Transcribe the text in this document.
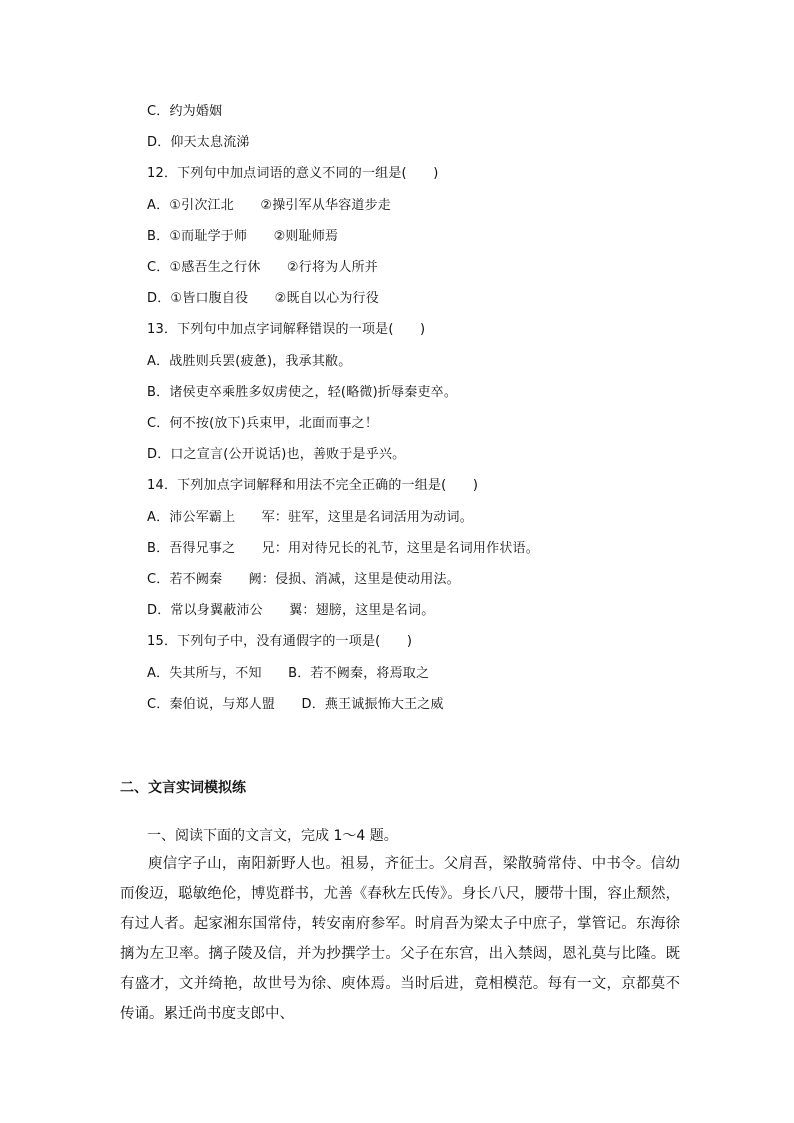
C．约为婚姻
D．仰天太息流涕
12．下列句中加点词语的意义不同的一组是(　　)
A．①引次江北　　②操引军从华容道步走
B．①而耻学于师　　②则耻师焉
C．①感吾生之行休　　②行将为人所并
D．①皆口腹自役　　②既自以心为行役
13．下列句中加点字词解释错误的一项是(　　)
A．战胜则兵罢(疲惫)，我承其敝。
B．诸侯吏卒乘胜多奴虏使之，轻(略微)折辱秦吏卒。
C．何不按(放下)兵束甲，北面而事之！
D．口之宣言(公开说话)也，善败于是乎兴。
14．下列加点字词解释和用法不完全正确的一组是(　　)
A．沛公军霸上　　军：驻军，这里是名词活用为动词。
B．吾得兄事之　　兄：用对待兄长的礼节，这里是名词用作状语。
C．若不阙秦　　阙：侵损、消减，这里是使动用法。
D．常以身翼蔽沛公　　翼：翅膀，这里是名词。
15．下列句子中，没有通假字的一项是(　　)
A．失其所与，不知　　B．若不阙秦，将焉取之
C．秦伯说，与郑人盟　　D．燕王诚振怖大王之威
二、文言实词模拟练
一、阅读下面的文言文，完成 1～4 题。
庾信字子山，南阳新野人也。祖易，齐征士。父肩吾，梁散骑常侍、中书令。信幼而俊迈，聪敏绝伦，博览群书，尤善《春秋左氏传》。身长八尺，腰带十围，容止颓然，有过人者。起家湘东国常侍，转安南府参军。时肩吾为梁太子中庶子，掌管记。东海徐摛为左卫率。摛子陵及信，并为抄撰学士。父子在东宫，出入禁闼，恩礼莫与比隆。既有盛才，文并绮艳，故世号为徐、庾体焉。当时后进，竟相模范。每有一文，京都莫不传诵。累迁尚书度支郎中、
